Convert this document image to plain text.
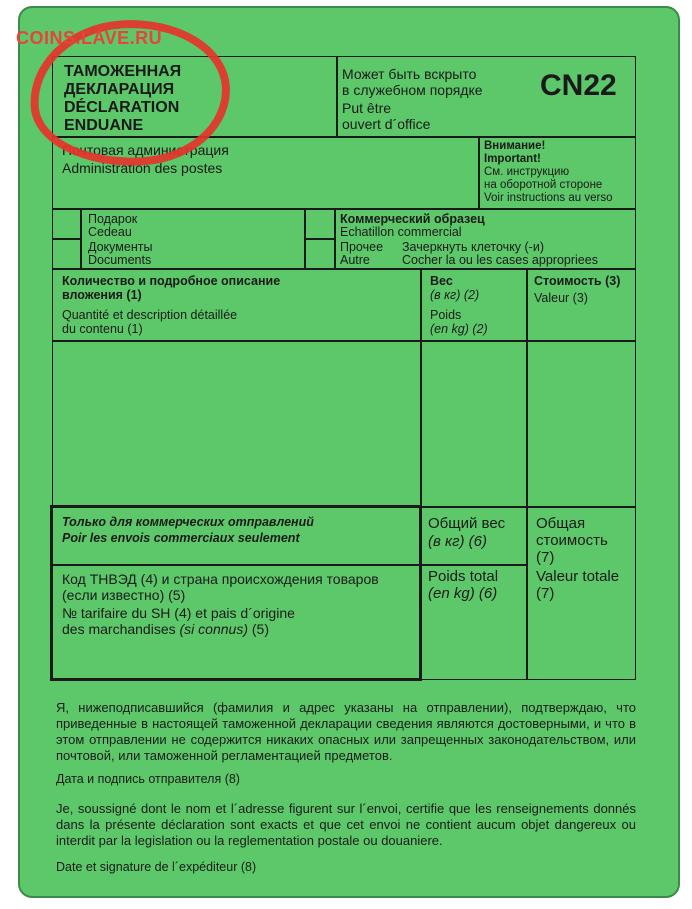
COINS.LAVE.RU
ТАМОЖЕННАЯ
ДЕКЛАРАЦИЯ
DÉCLARATION
ENDUANE
Может быть вскрыто
в служебном порядке
Put être
ouvert d´office
CN22
Почтовая администрация
Administration des postes
Внимание!
Important!
См. инструкцию
на оборотной стороне
Voir instructions au verso
Подарок
Cedeau
Документы
Documents
Коммерческий образец
Echatillon commercial
Прочее
Autre
Зачеркнуть клеточку (-и)
Cocher la ou les cases appropriees
Количество и подробное описание
вложения (1)
Quantité et description détaillée
du contenu (1)
Вес
(в кг) (2)
Poids
(en kg) (2)
Стоимость (3)
Valeur (3)
Только для коммерческих отправлений
Poir les envois commerciaux seulement
Код ТНВЭД (4) и страна происхождения товаров
(если известно) (5)
№ tarifaire du SH (4) et pais d´origine
des marchandises (si connus) (5)
Общий вес
(в кг) (6)
Poids total
(en kg) (6)
Общая
стоимость
(7)
Valeur totale
(7)
Я, нижеподписавшийся (фамилия и адрес указаны на отправлении), подтверждаю, что приведенные в настоящей таможенной декларации сведения являются достоверными, и что в этом отправлении не содержится никаких опасных или запрещенных законодательством, или почтовой, или таможенной регламентацией предметов.
Дата и подпись отправителя (8)
Je, soussigné dont le nom et l´adresse figurent sur l´envoi, certifie que les renseignements donnés dans la présente déclaration sont exacts et que cet envoi ne contient aucum objet dangereux ou interdit par la legislation ou la reglementation postale ou douaniere.
Date et signature de l´expéditeur (8)
